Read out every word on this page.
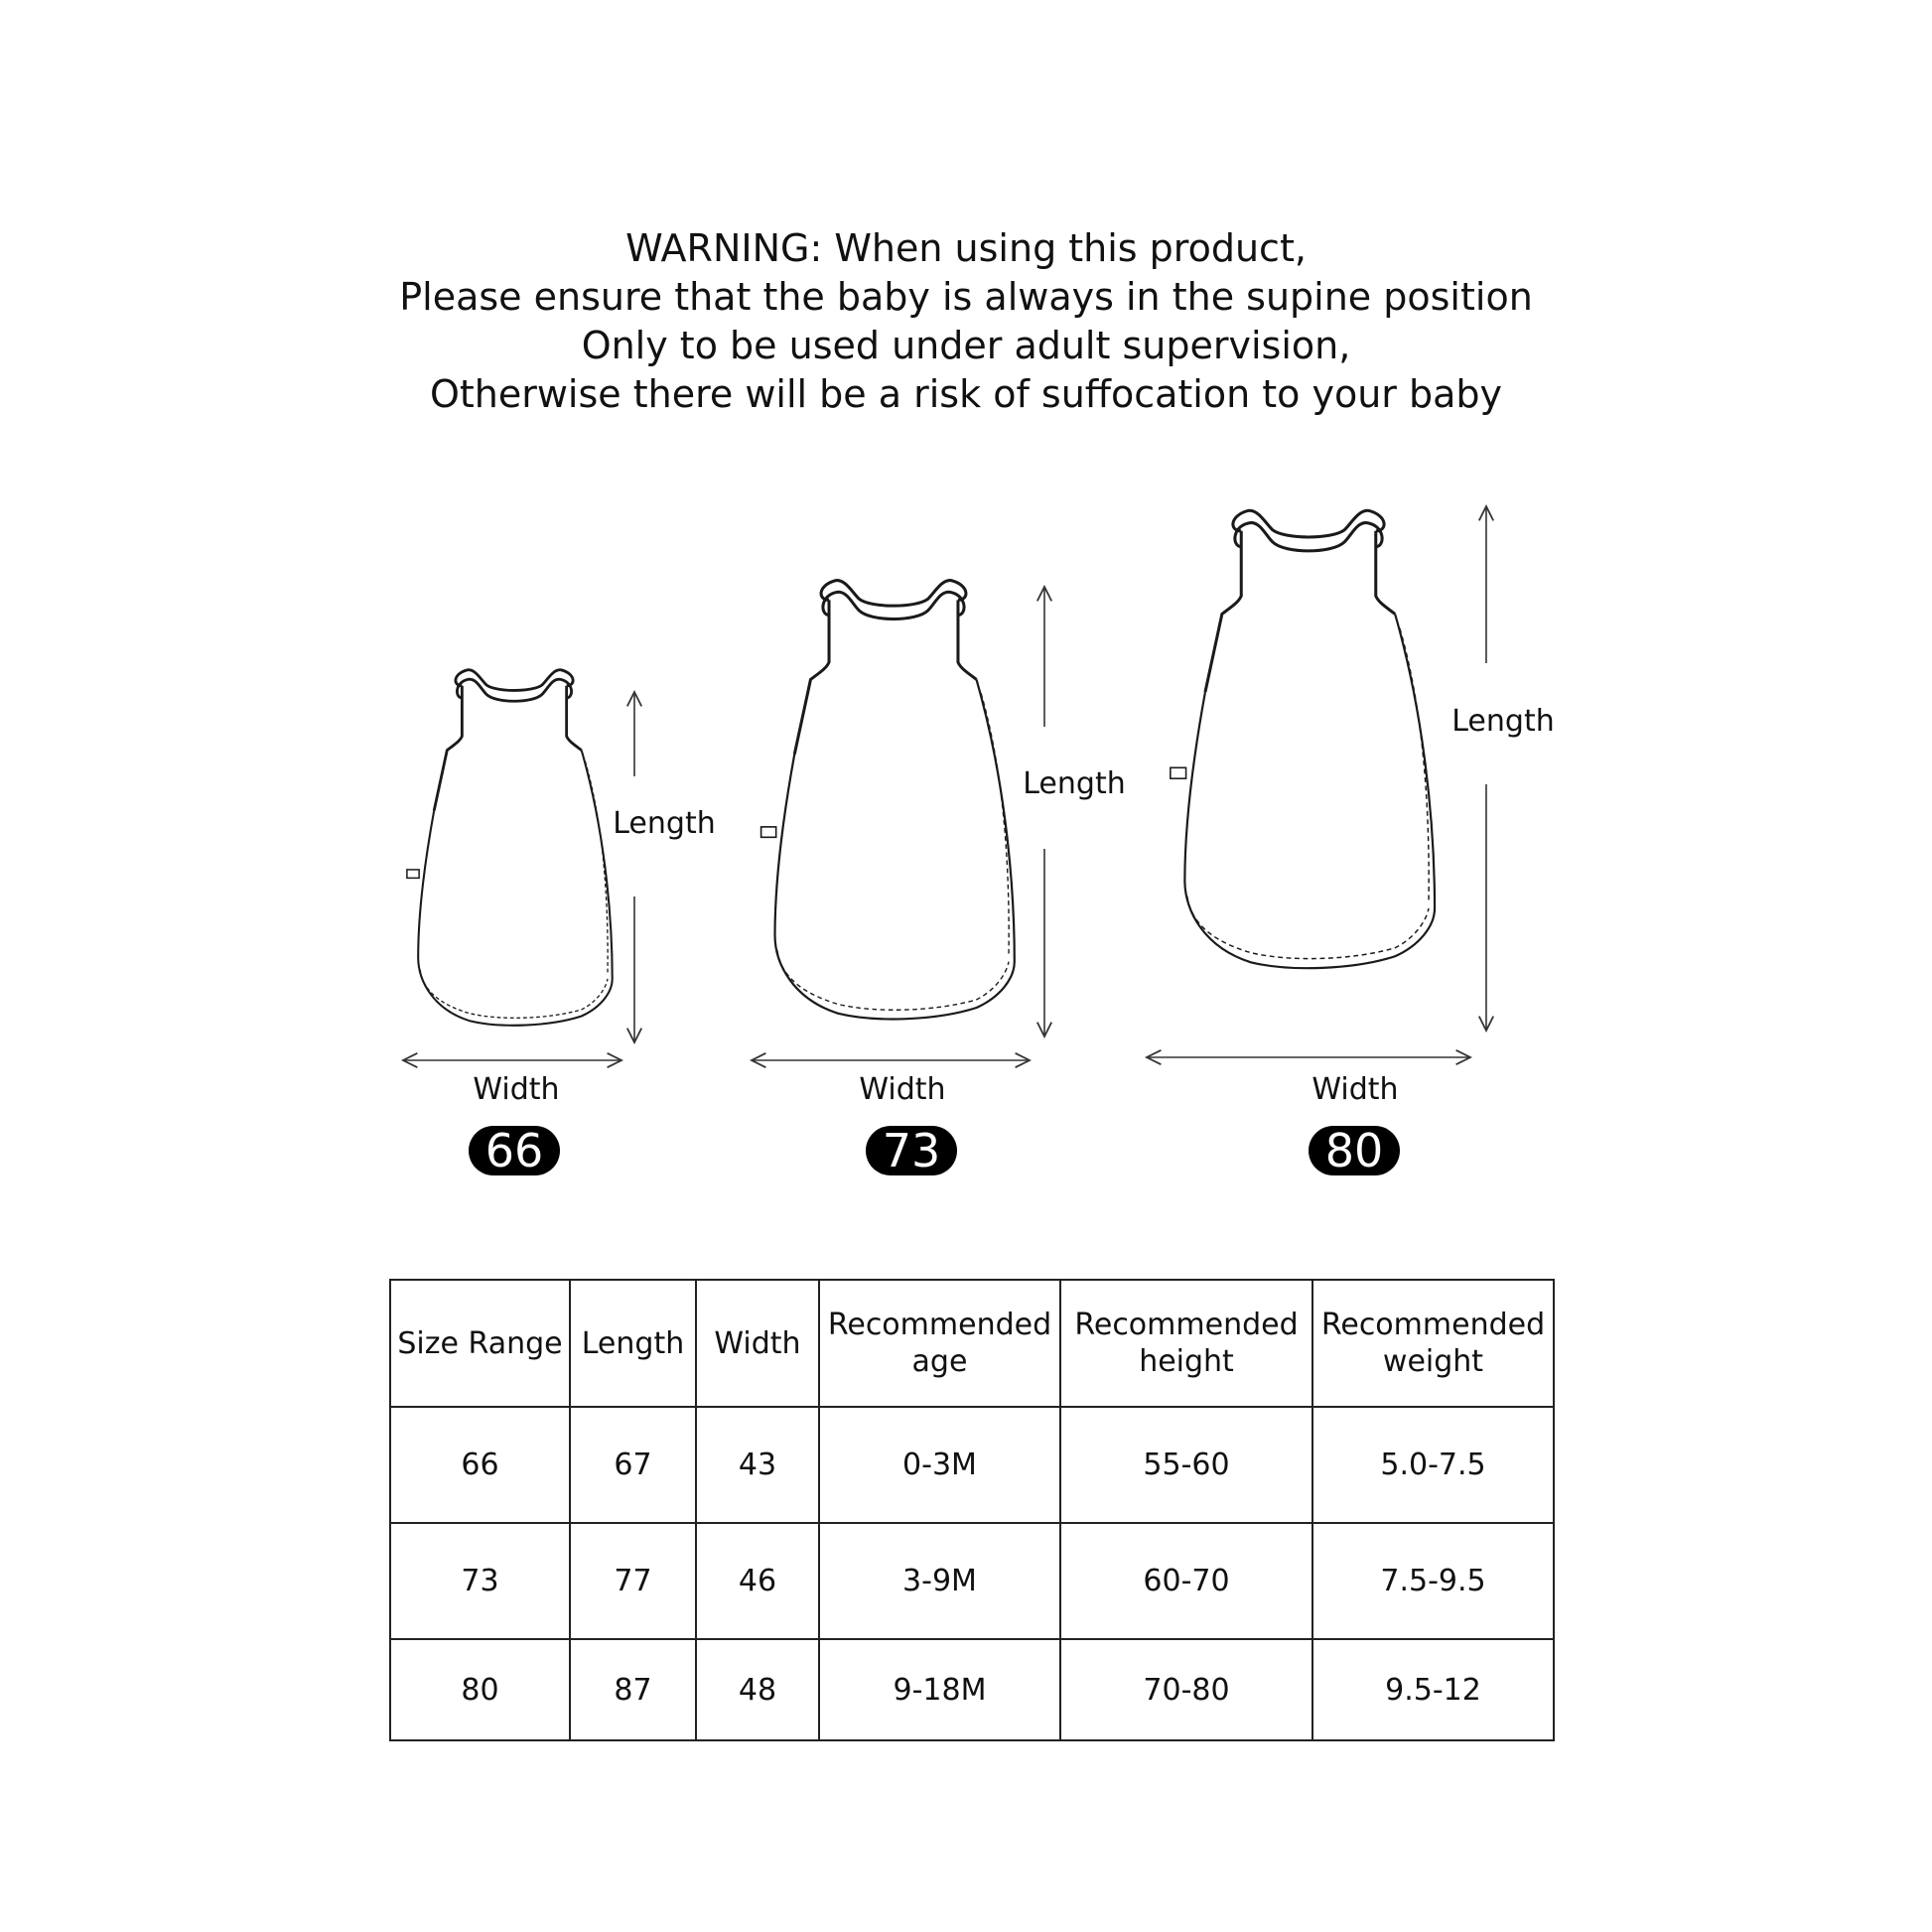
WARNING: When using this product,
Please ensure that the baby is always in the supine position
Only to be used under adult supervision,
Otherwise there will be a risk of suffocation to your baby
Length
Width
66
Length
Width
73
Length
Width
80
Size Range	Length	Width	Recommended age	Recommended height	Recommended weight
66	67	43	0-3M	55-60	5.0-7.5
73	77	46	3-9M	60-70	7.5-9.5
80	87	48	9-18M	70-80	9.5-12
